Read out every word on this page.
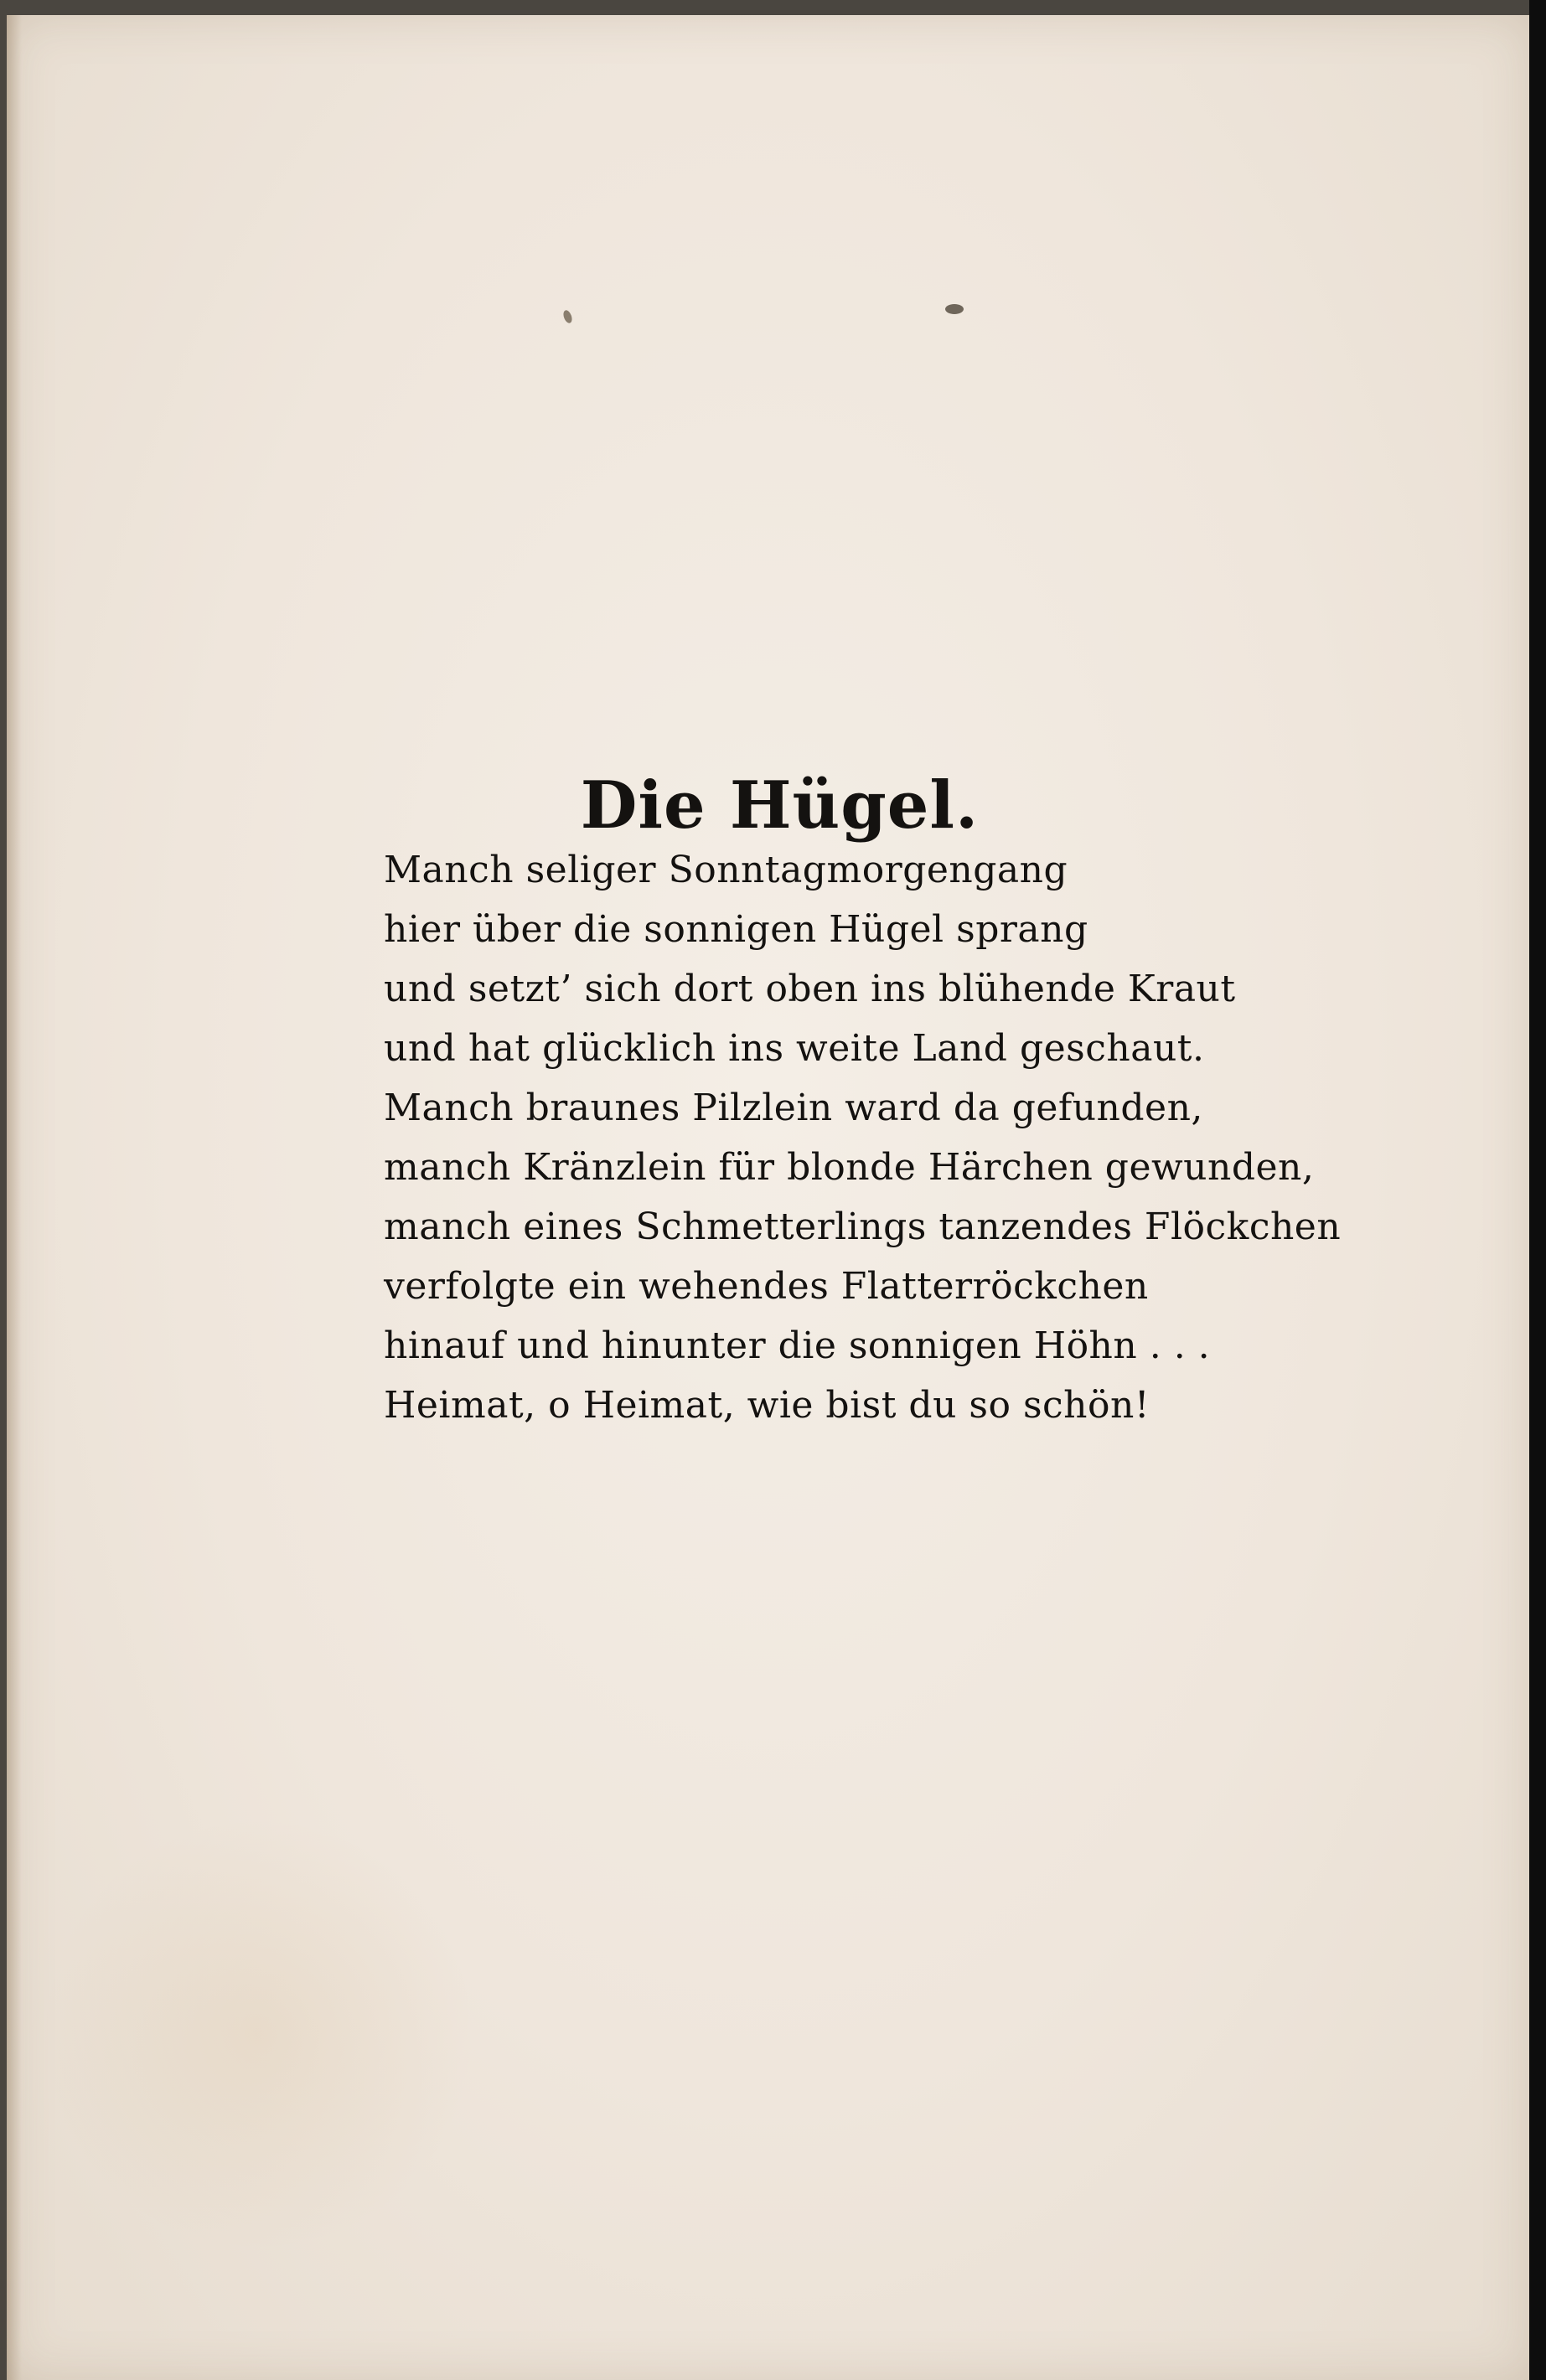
Die Hügel.
Manch seliger Sonntagmorgengang
hier über die sonnigen Hügel sprang
und setzt’ sich dort oben ins blühende Kraut
und hat glücklich ins weite Land geschaut.
Manch braunes Pilzlein ward da gefunden,
manch Kränzlein für blonde Härchen gewunden,
manch eines Schmetterlings tanzendes Flöckchen
verfolgte ein wehendes Flatterröckchen
hinauf und hinunter die sonnigen Höhn . . .
Heimat, o Heimat, wie bist du so schön!
